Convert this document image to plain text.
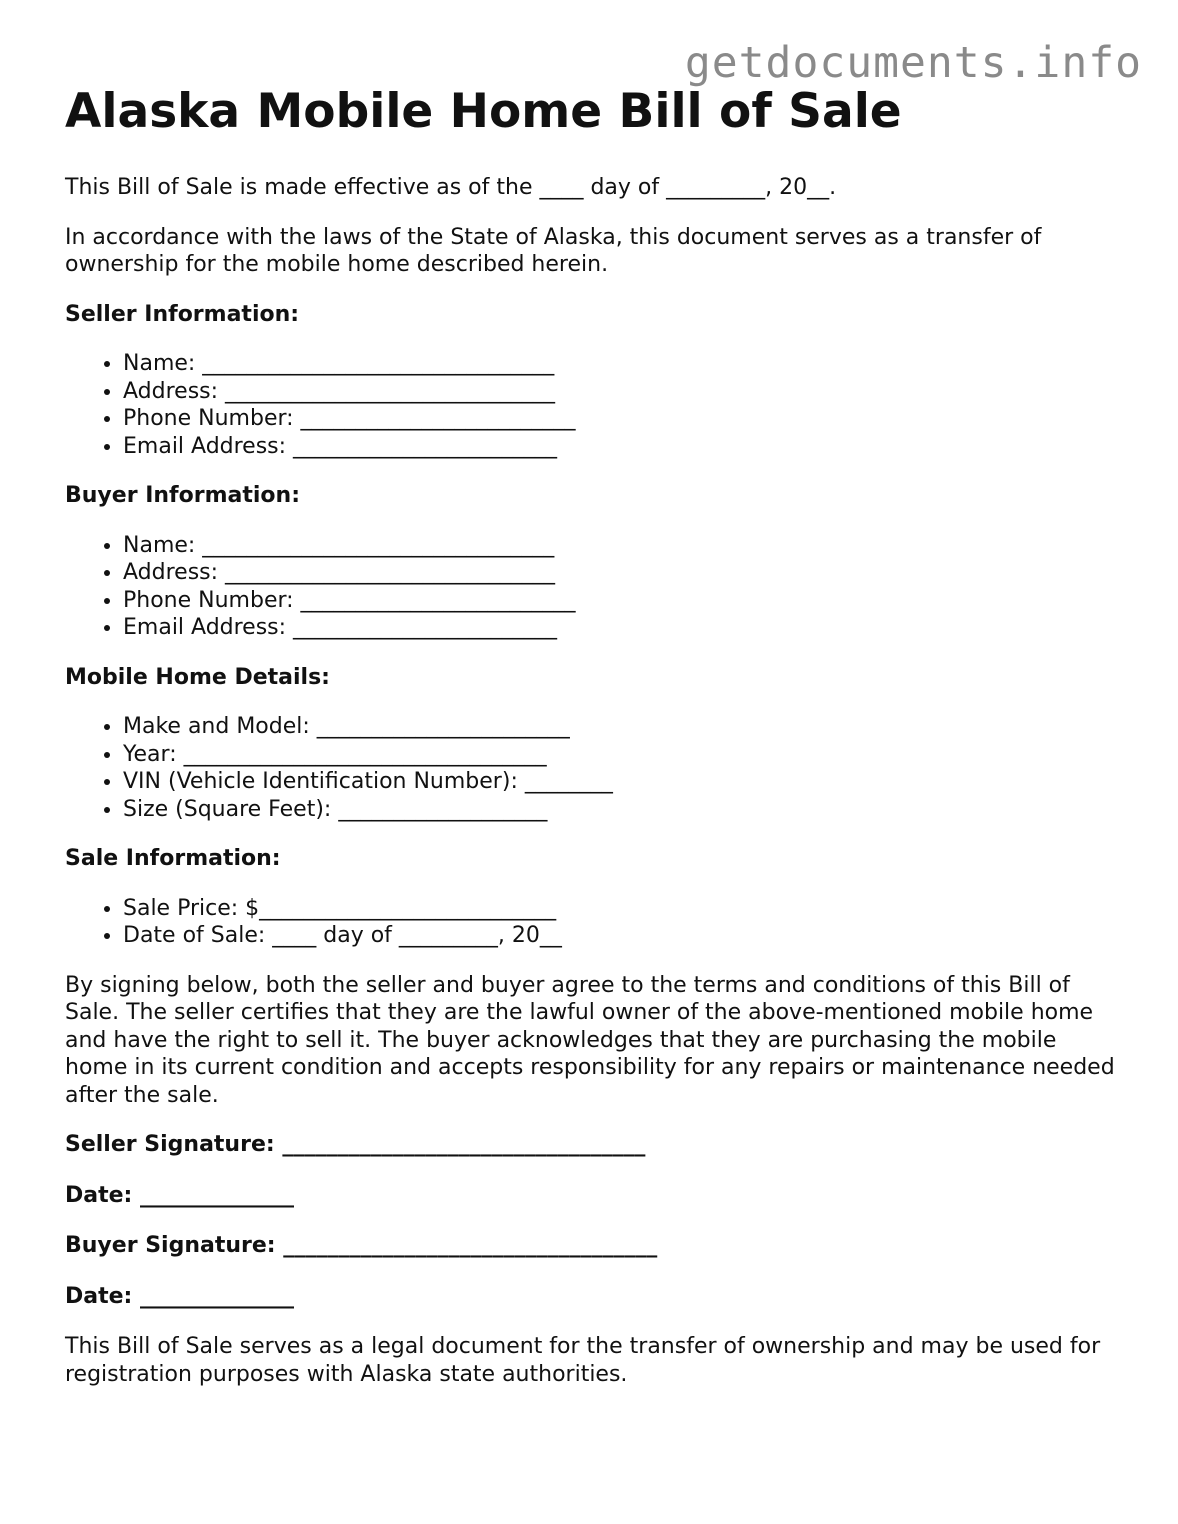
getdocuments.info
Alaska Mobile Home Bill of Sale

This Bill of Sale is made effective as of the ____ day of _________, 20__.

In accordance with the laws of the State of Alaska, this document serves as a transfer of ownership for the mobile home described herein.

Seller Information:
• Name: ________________________________
• Address: ______________________________
• Phone Number: _________________________
• Email Address: ________________________
Buyer Information:
• Name: ________________________________
• Address: ______________________________
• Phone Number: _________________________
• Email Address: ________________________
Mobile Home Details:
• Make and Model: _______________________
• Year: _________________________________
• VIN (Vehicle Identification Number): ________
• Size (Square Feet): ___________________
Sale Information:
• Sale Price: $___________________________
• Date of Sale: ____ day of _________, 20__

By signing below, both the seller and buyer agree to the terms and conditions of this Bill of Sale. The seller certifies that they are the lawful owner of the above-mentioned mobile home and have the right to sell it. The buyer acknowledges that they are purchasing the mobile home in its current condition and accepts responsibility for any repairs or maintenance needed after the sale.

Seller Signature: _________________________________
Date: ______________
Buyer Signature: __________________________________
Date: ______________

This Bill of Sale serves as a legal document for the transfer of ownership and may be used for registration purposes with Alaska state authorities.
